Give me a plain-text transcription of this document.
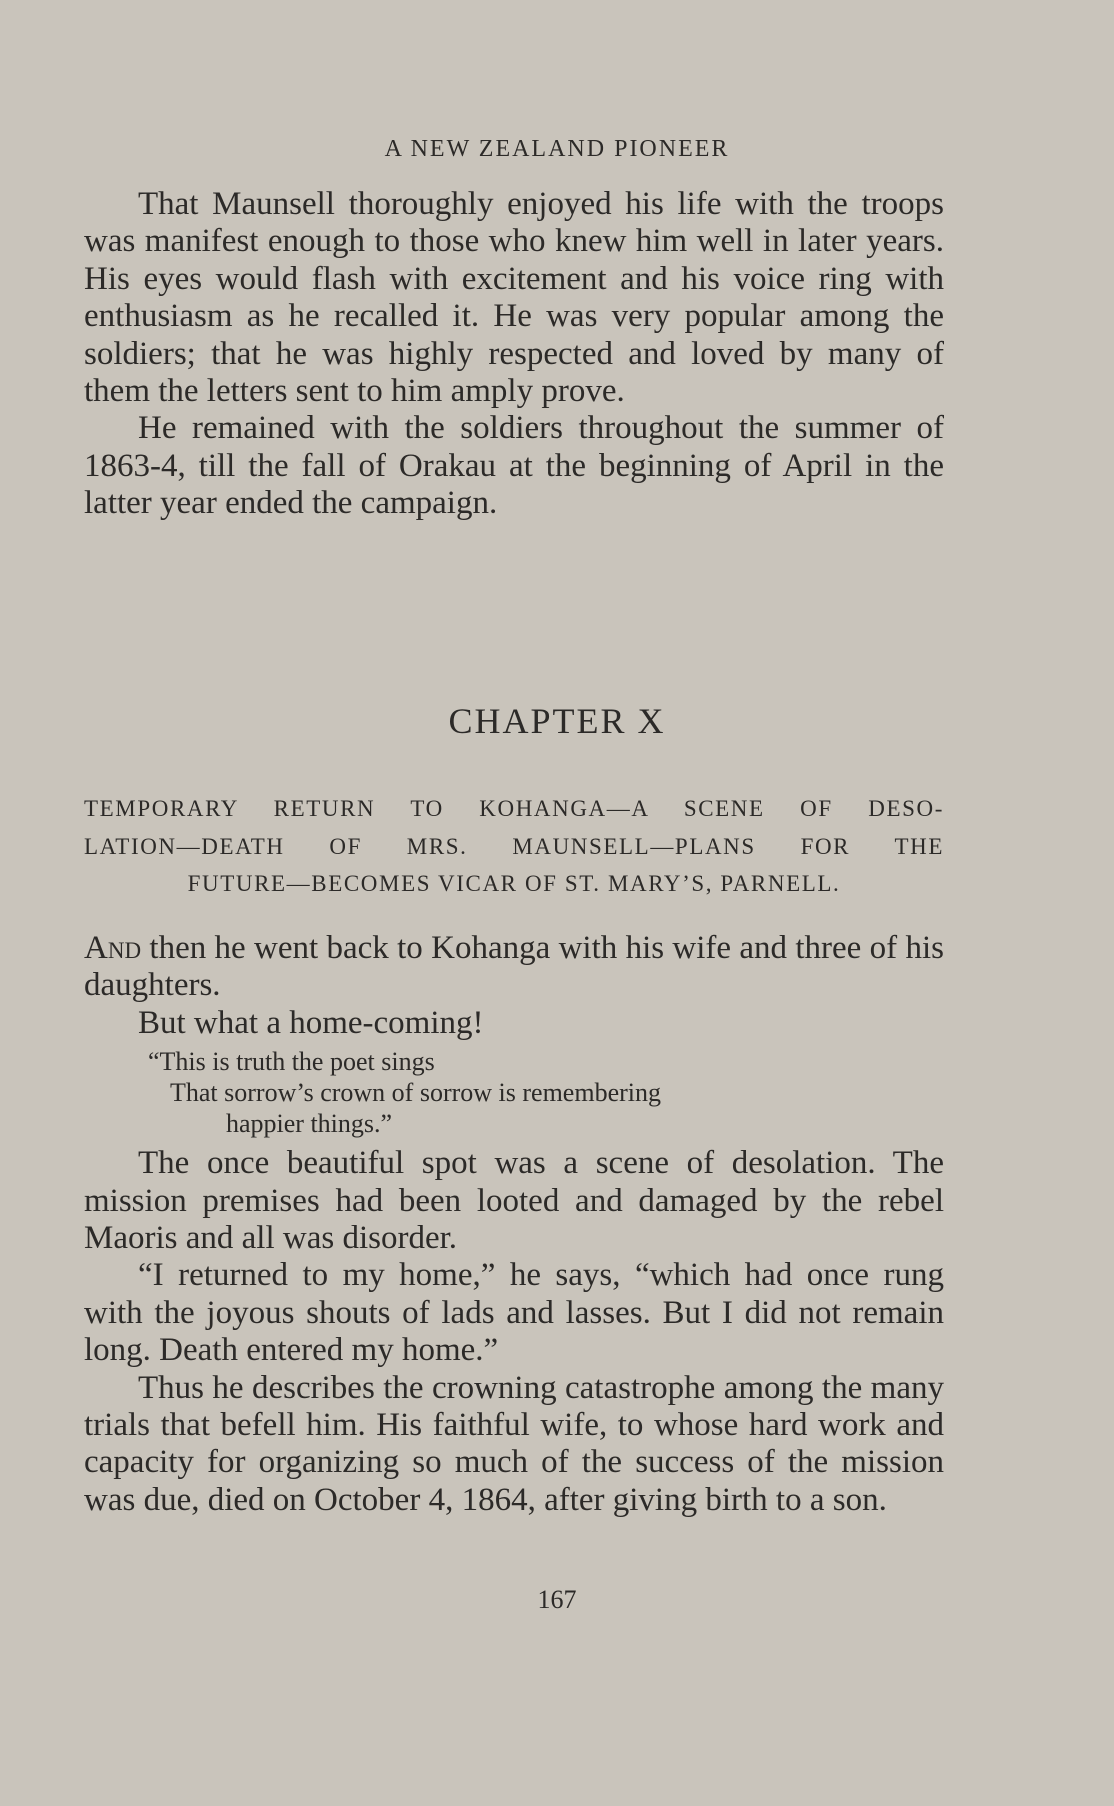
A NEW ZEALAND PIONEER

That Maunsell thoroughly enjoyed his life with the troops was manifest enough to those who knew him well in later years. His eyes would flash with excitement and his voice ring with enthusiasm as he recalled it. He was very popular among the soldiers; that he was highly respected and loved by many of them the letters sent to him amply prove.

He remained with the soldiers throughout the summer of 1863-4, till the fall of Orakau at the beginning of April in the latter year ended the campaign.

CHAPTER X
TEMPORARY RETURN TO KOHANGA—A SCENE OF DESO-
LATION—DEATH OF MRS. MAUNSELL—PLANS FOR THE
FUTURE—BECOMES VICAR OF ST. MARY’S, PARNELL.

And then he went back to Kohanga with his wife and three of his daughters.

But what a home-coming!

“This is truth the poet sings
That sorrow’s crown of sorrow is remembering
happier things.”

The once beautiful spot was a scene of desolation. The mission premises had been looted and damaged by the rebel Maoris and all was disorder.

“I returned to my home,” he says, “which had once rung with the joyous shouts of lads and lasses. But I did not remain long. Death entered my home.”

Thus he describes the crowning catastrophe among the many trials that befell him. His faithful wife, to whose hard work and capacity for organizing so much of the success of the mission was due, died on October 4, 1864, after giving birth to a son.

167
